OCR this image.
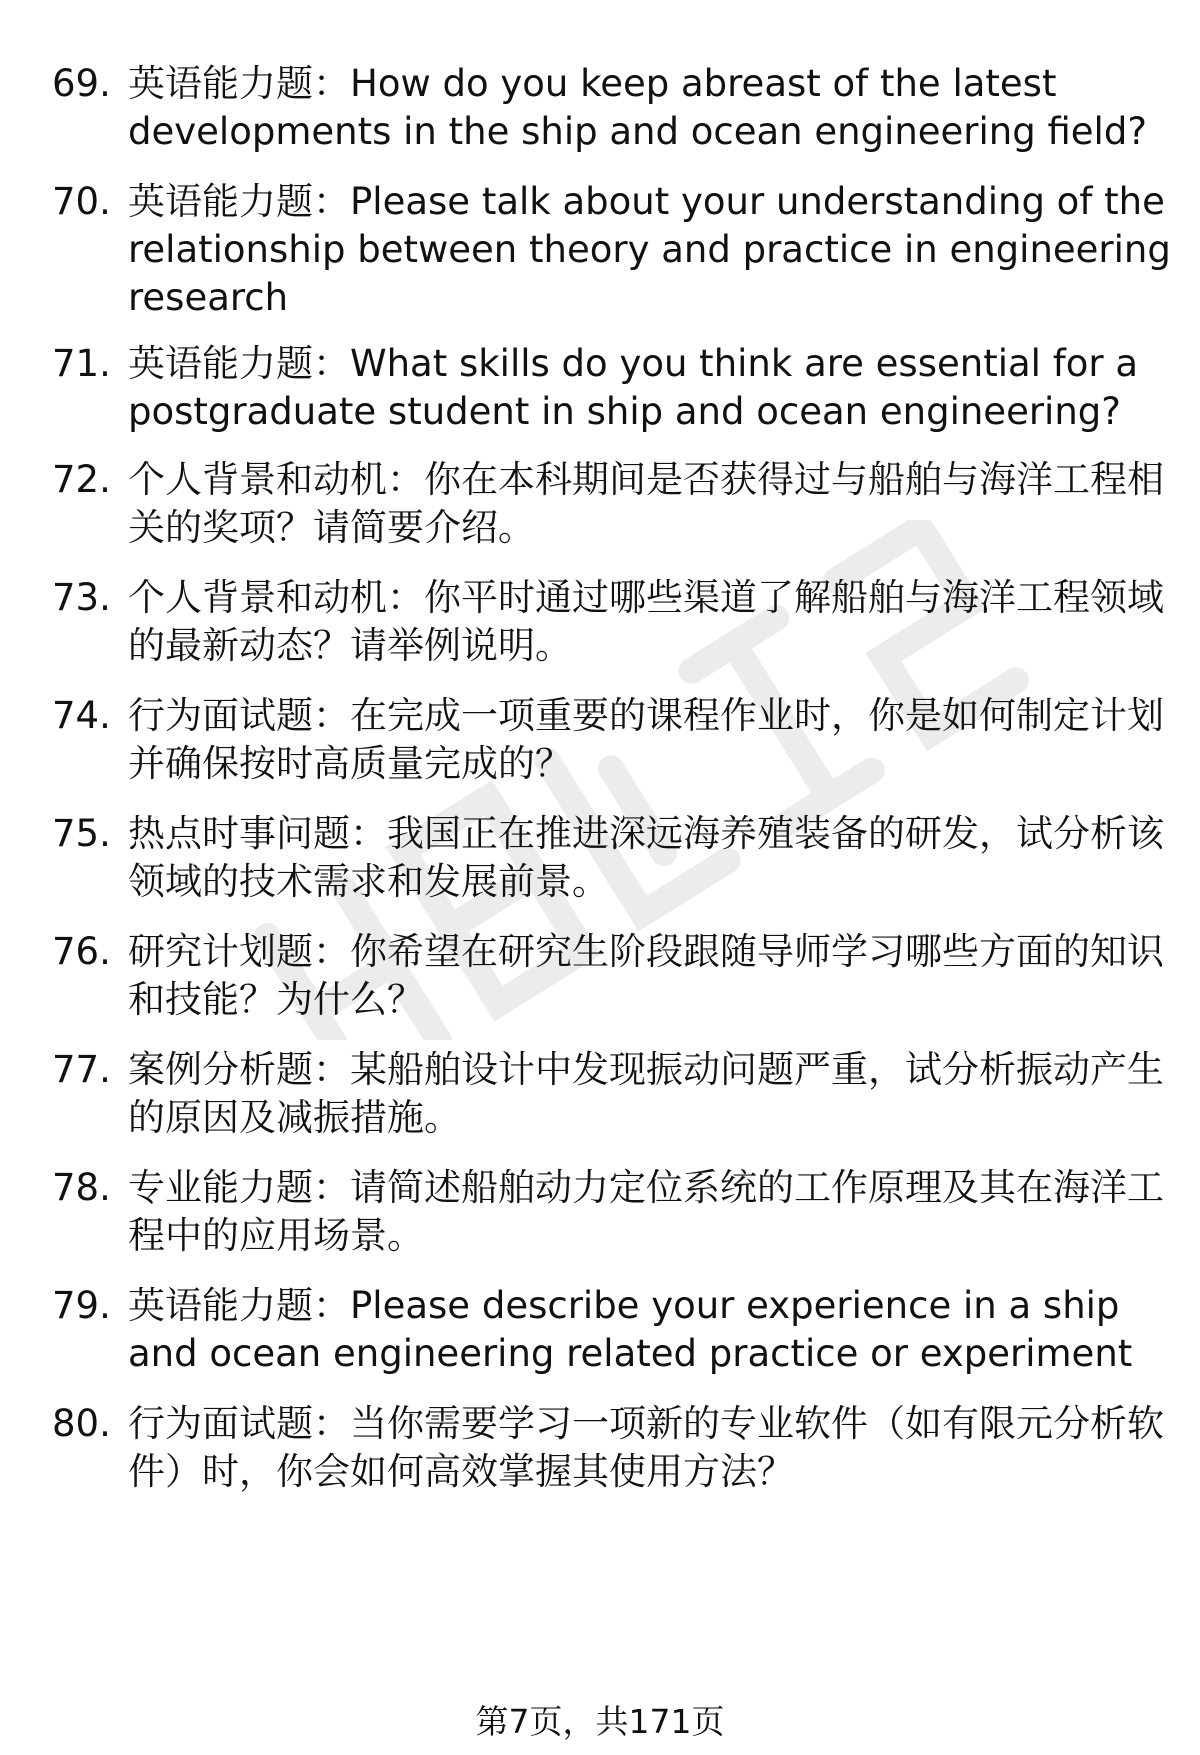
69. 英语能力题：How do you keep abreast of the latest developments in the ship and ocean engineering field?
70. 英语能力题：Please talk about your understanding of the relationship between theory and practice in engineering research
71. 英语能力题：What skills do you think are essential for a postgraduate student in ship and ocean engineering?
72. 个人背景和动机：你在本科期间是否获得过与船舶与海洋工程相关的奖项？请简要介绍。
73. 个人背景和动机：你平时通过哪些渠道了解船舶与海洋工程领域的最新动态？请举例说明。
74. 行为面试题：在完成一项重要的课程作业时，你是如何制定计划并确保按时高质量完成的？
75. 热点时事问题：我国正在推进深远海养殖装备的研发，试分析该领域的技术需求和发展前景。
76. 研究计划题：你希望在研究生阶段跟随导师学习哪些方面的知识和技能？为什么？
77. 案例分析题：某船舶设计中发现振动问题严重，试分析振动产生的原因及减振措施。
78. 专业能力题：请简述船舶动力定位系统的工作原理及其在海洋工程中的应用场景。
79. 英语能力题：Please describe your experience in a ship and ocean engineering related practice or experiment
80. 行为面试题：当你需要学习一项新的专业软件（如有限元分析软件）时，你会如何高效掌握其使用方法？
第7页，共171页
